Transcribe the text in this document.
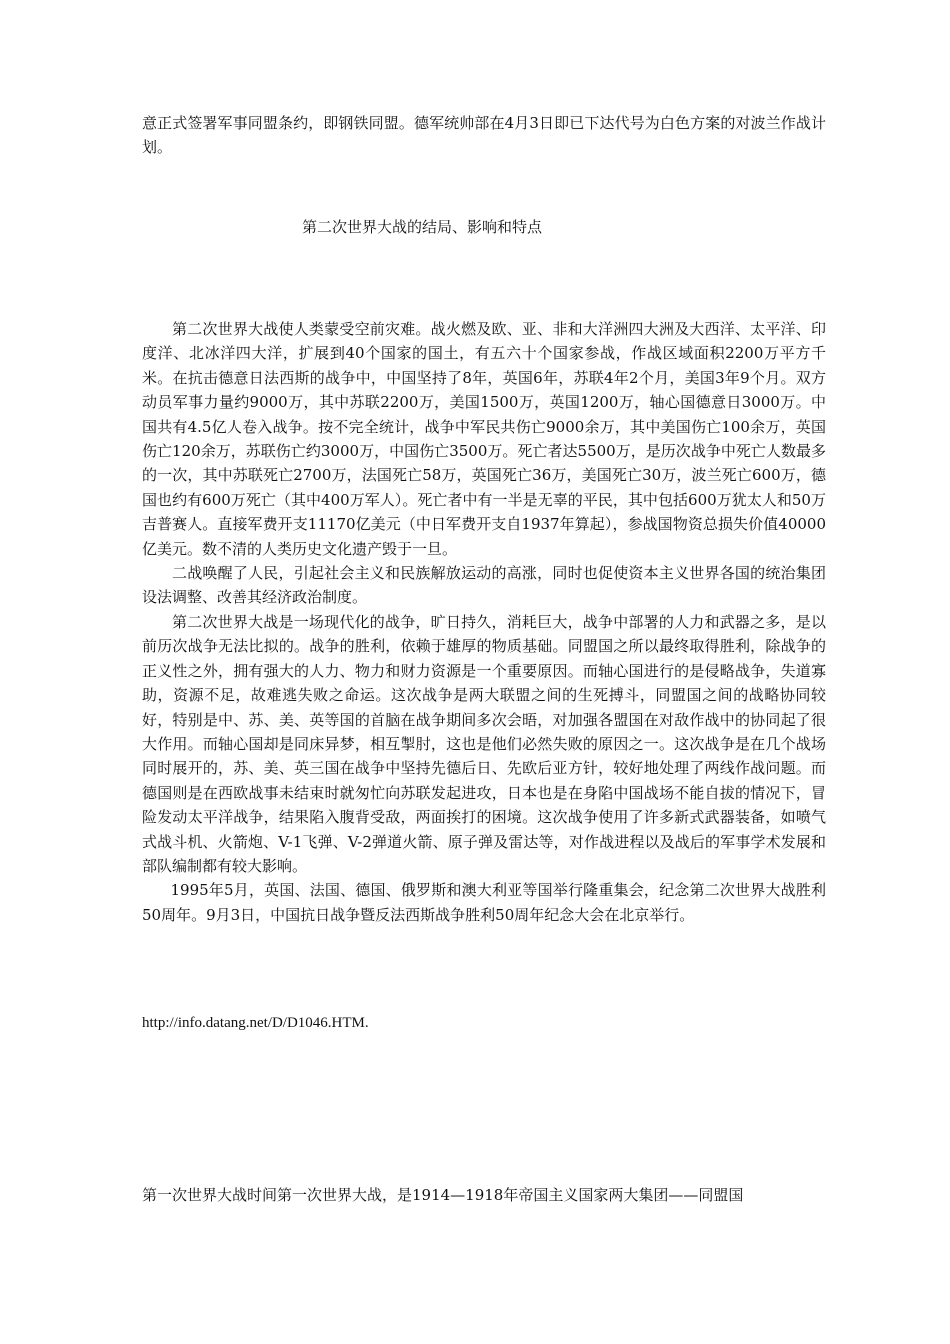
意正式签署军事同盟条约，即钢铁同盟。德军统帅部在4月3日即已下达代号为白色方案的对波兰作战计划。

第二次世界大战的结局、影响和特点

第二次世界大战使人类蒙受空前灾难。战火燃及欧、亚、非和大洋洲四大洲及大西洋、太平洋、印度洋、北冰洋四大洋，扩展到40个国家的国土，有五六十个国家参战，作战区域面积2200万平方千米。在抗击德意日法西斯的战争中，中国坚持了8年，英国6年，苏联4年2个月，美国3年9个月。双方动员军事力量约9000万，其中苏联2200万，美国1500万，英国1200万，轴心国德意日3000万。中国共有4.5亿人卷入战争。按不完全统计，战争中军民共伤亡9000余万，其中美国伤亡100余万，英国伤亡120余万，苏联伤亡约3000万，中国伤亡3500万。死亡者达5500万，是历次战争中死亡人数最多的一次，其中苏联死亡2700万，法国死亡58万，英国死亡36万，美国死亡30万，波兰死亡600万，德国也约有600万死亡（其中400万军人）。死亡者中有一半是无辜的平民，其中包括600万犹太人和50万吉普赛人。直接军费开支11170亿美元（中日军费开支自1937年算起），参战国物资总损失价值40000亿美元。数不清的人类历史文化遗产毁于一旦。

二战唤醒了人民，引起社会主义和民族解放运动的高涨，同时也促使资本主义世界各国的统治集团设法调整、改善其经济政治制度。

第二次世界大战是一场现代化的战争，旷日持久，消耗巨大，战争中部署的人力和武器之多，是以前历次战争无法比拟的。战争的胜利，依赖于雄厚的物质基础。同盟国之所以最终取得胜利，除战争的正义性之外，拥有强大的人力、物力和财力资源是一个重要原因。而轴心国进行的是侵略战争，失道寡助，资源不足，故难逃失败之命运。这次战争是两大联盟之间的生死搏斗，同盟国之间的战略协同较好，特别是中、苏、美、英等国的首脑在战争期间多次会晤，对加强各盟国在对敌作战中的协同起了很大作用。而轴心国却是同床异梦，相互掣肘，这也是他们必然失败的原因之一。这次战争是在几个战场同时展开的，苏、美、英三国在战争中坚持先德后日、先欧后亚方针，较好地处理了两线作战问题。而德国则是在西欧战事未结束时就匆忙向苏联发起进攻，日本也是在身陷中国战场不能自拔的情况下，冒险发动太平洋战争，结果陷入腹背受敌，两面挨打的困境。这次战争使用了许多新式武器装备，如喷气式战斗机、火箭炮、V-1飞弹、V-2弹道火箭、原子弹及雷达等，对作战进程以及战后的军事学术发展和部队编制都有较大影响。

1995年5月，英国、法国、德国、俄罗斯和澳大利亚等国举行隆重集会，纪念第二次世界大战胜利50周年。9月3日，中国抗日战争暨反法西斯战争胜利50周年纪念大会在北京举行。

http://info.datang.net/D/D1046.HTM.

第一次世界大战时间第一次世界大战，是1914—1918年帝国主义国家两大集团——同盟国
